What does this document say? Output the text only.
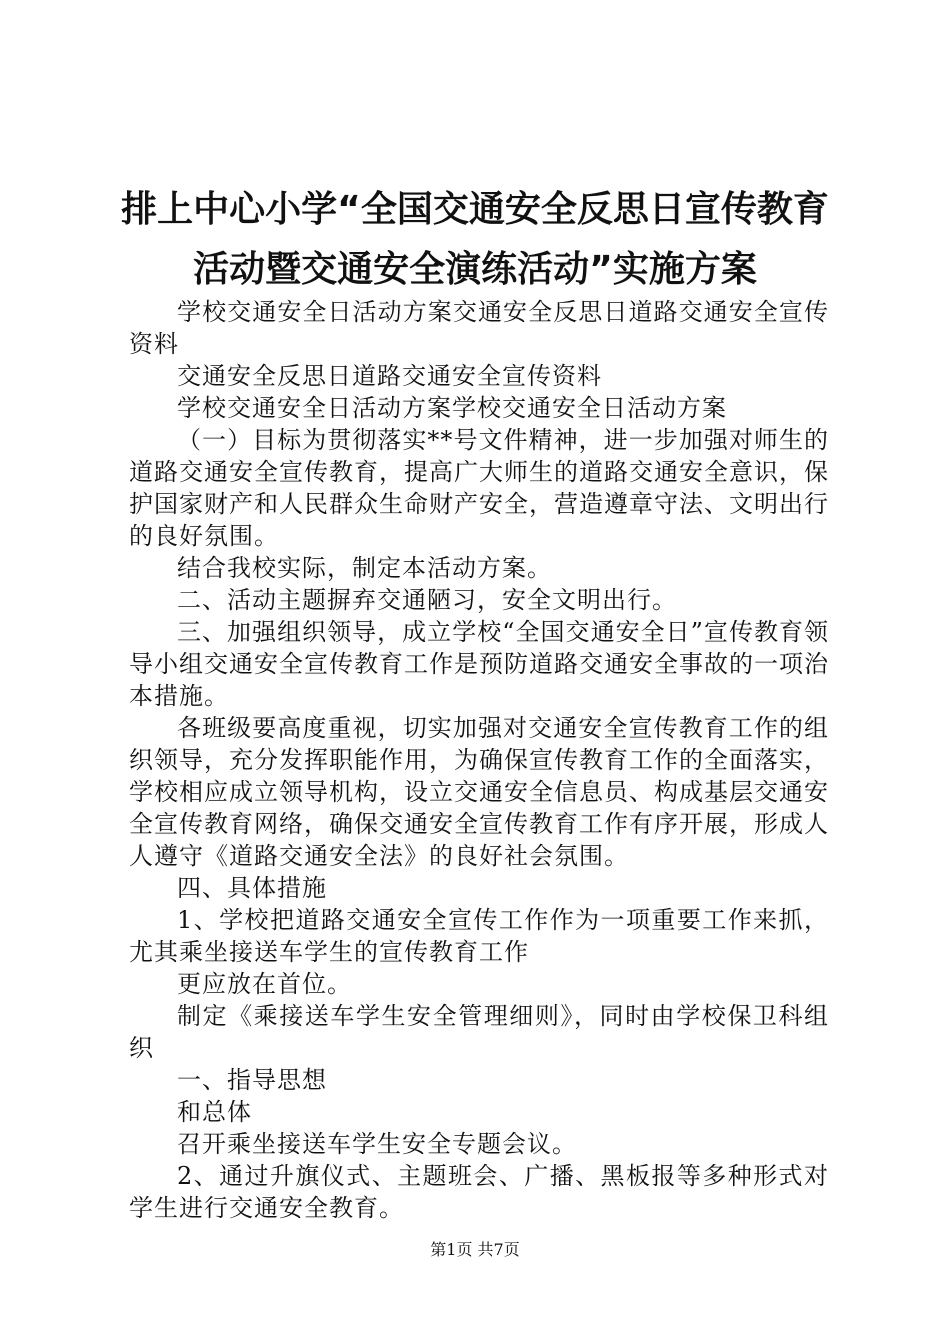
排上中心小学“全国交通安全反思日宣传教育
活动暨交通安全演练活动”实施方案

学校交通安全日活动方案交通安全反思日道路交通安全宣传资料

交通安全反思日道路交通安全宣传资料

学校交通安全日活动方案学校交通安全日活动方案

（一）目标为贯彻落实**号文件精神，进一步加强对师生的道路交通安全宣传教育，提高广大师生的道路交通安全意识，保护国家财产和人民群众生命财产安全，营造遵章守法、文明出行的良好氛围。

结合我校实际，制定本活动方案。

二、活动主题摒弃交通陋习，安全文明出行。

三、加强组织领导，成立学校“全国交通安全日”宣传教育领导小组交通安全宣传教育工作是预防道路交通安全事故的一项治本措施。

各班级要高度重视，切实加强对交通安全宣传教育工作的组织领导，充分发挥职能作用，为确保宣传教育工作的全面落实，学校相应成立领导机构，设立交通安全信息员、构成基层交通安全宣传教育网络，确保交通安全宣传教育工作有序开展，形成人人遵守《道路交通安全法》的良好社会氛围。

四、具体措施

1、学校把道路交通安全宣传工作作为一项重要工作来抓，尤其乘坐接送车学生的宣传教育工作

更应放在首位。

制定《乘接送车学生安全管理细则》，同时由学校保卫科组织

一、指导思想

和总体

召开乘坐接送车学生安全专题会议。

2、通过升旗仪式、主题班会、广播、黑板报等多种形式对学生进行交通安全教育。

第1页 共7页
